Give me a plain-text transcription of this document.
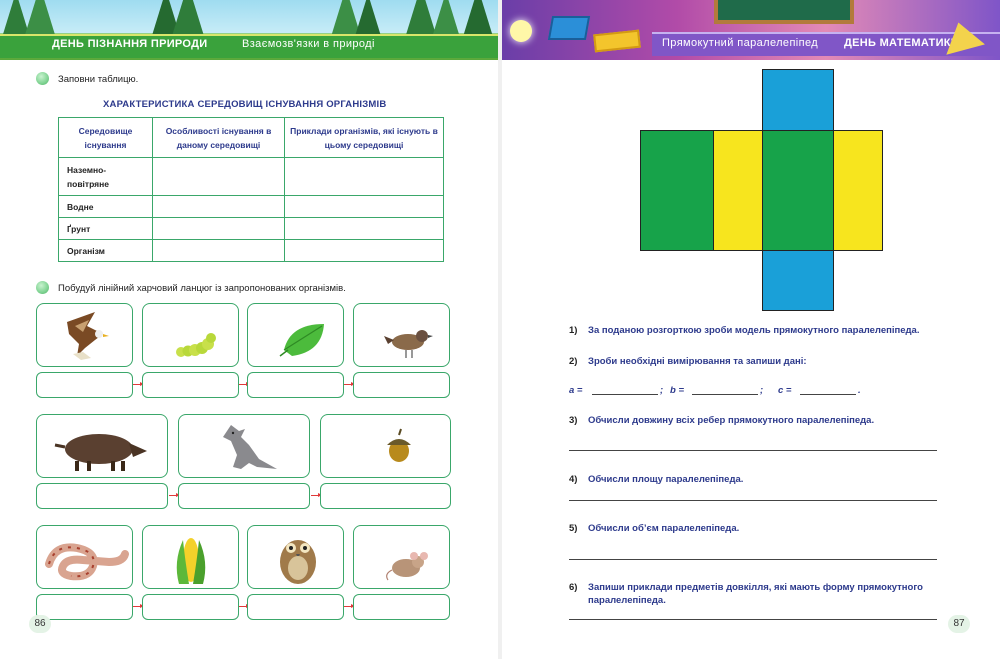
ДЕНЬ ПІЗНАННЯ ПРИРОДИ	Взаємозв'язки в природі	Прямокутний паралелепіпед ДЕНЬ МАТЕМАТИКИ
Заповни таблицю.
ХАРАКТЕРИСТИКА СЕРЕДОВИЩ ІСНУВАННЯ ОРГАНІЗМІВ
Середовище існування	Особливості існування в даному середовищі	Приклади організмів, які існують в цьому середовищі
Наземно-повітряне		
Водне		
Ґрунт		
Організм		
Побудуй лінійний харчовий ланцюг із запропонованих організмів.
86
1) За поданою розгорткою зроби модель прямокутного паралелепіпеда.
2) Зроби необхідні вимірювання та запиши дані:
a =	; b =	; c =	.
3) Обчисли довжину всіх ребер прямокутного паралелепіпеда.
4) Обчисли площу паралелепіпеда.
5) Обчисли об’єм паралелепіпеда.
6) Запиши приклади предметів довкілля, які мають форму прямокутного
паралелепіпеда.
87
